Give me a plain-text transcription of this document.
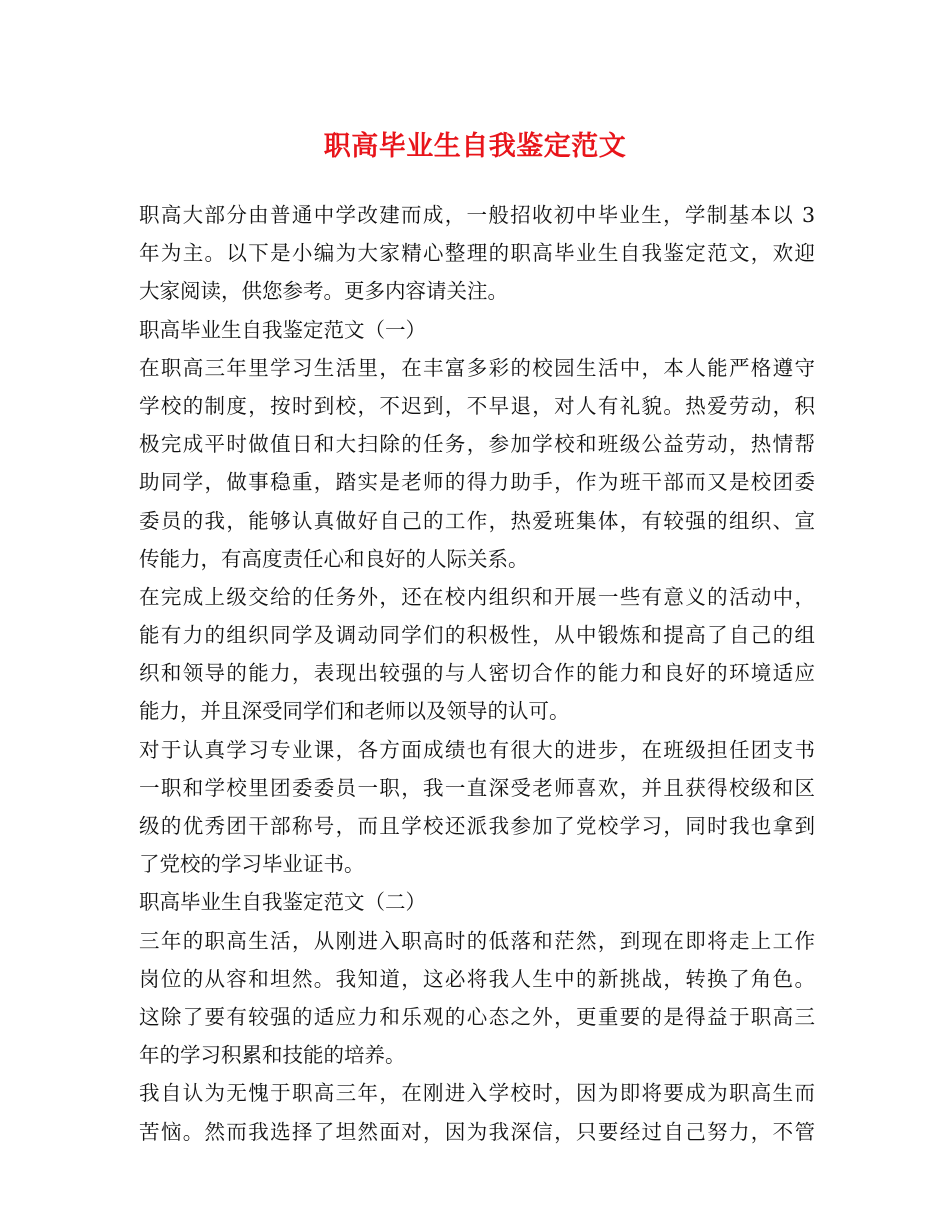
职高毕业生自我鉴定范文
职高大部分由普通中学改建而成，一般招收初中毕业生，学制基本以 3
年为主。以下是小编为大家精心整理的职高毕业生自我鉴定范文，欢迎
大家阅读，供您参考。更多内容请关注。
职高毕业生自我鉴定范文（一）
在职高三年里学习生活里，在丰富多彩的校园生活中，本人能严格遵守
学校的制度，按时到校，不迟到，不早退，对人有礼貌。热爱劳动，积
极完成平时做值日和大扫除的任务，参加学校和班级公益劳动，热情帮
助同学，做事稳重，踏实是老师的得力助手，作为班干部而又是校团委
委员的我，能够认真做好自己的工作，热爱班集体，有较强的组织、宣
传能力，有高度责任心和良好的人际关系。
在完成上级交给的任务外，还在校内组织和开展一些有意义的活动中，
能有力的组织同学及调动同学们的积极性，从中锻炼和提高了自己的组
织和领导的能力，表现出较强的与人密切合作的能力和良好的环境适应
能力，并且深受同学们和老师以及领导的认可。
对于认真学习专业课，各方面成绩也有很大的进步，在班级担任团支书
一职和学校里团委委员一职，我一直深受老师喜欢，并且获得校级和区
级的优秀团干部称号，而且学校还派我参加了党校学习，同时我也拿到
了党校的学习毕业证书。
职高毕业生自我鉴定范文（二）
三年的职高生活，从刚进入职高时的低落和茫然，到现在即将走上工作
岗位的从容和坦然。我知道，这必将我人生中的新挑战，转换了角色。
这除了要有较强的适应力和乐观的心态之外，更重要的是得益于职高三
年的学习积累和技能的培养。
我自认为无愧于职高三年，在刚进入学校时，因为即将要成为职高生而
苦恼。然而我选择了坦然面对，因为我深信，只要经过自己努力，不管
